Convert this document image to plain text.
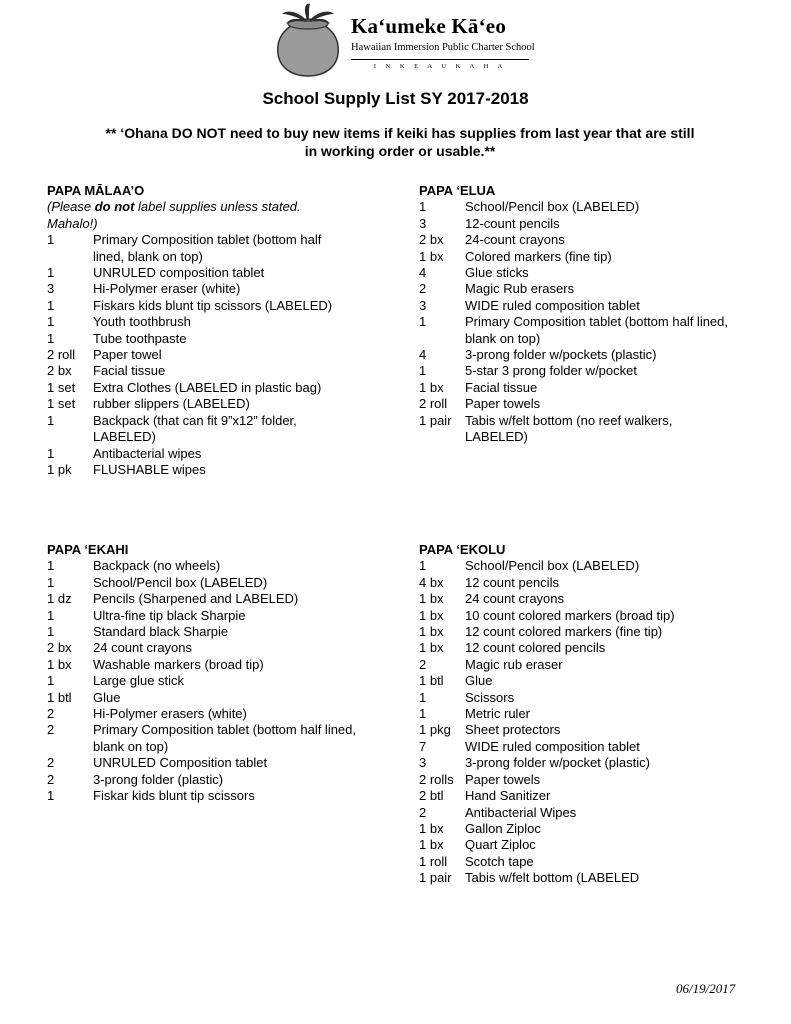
Kaʻumeke Kāʻeo
Hawaiian Immersion Public Charter School
I N K E A U K A H A
School Supply List SY 2017-2018
** ‘Ohana DO NOT need to buy new items if keiki has supplies from last year that are still in working order or usable.**
PAPA MĀLAA’O
(Please do not label supplies unless stated. Mahalo!)
1	Primary Composition tablet (bottom half lined, blank on top)
1	UNRULED composition tablet
3	Hi-Polymer eraser (white)
1	Fiskars kids blunt tip scissors (LABELED)
1	Youth toothbrush
1	Tube toothpaste
2 roll Paper towel
2 bx Facial tissue
1 set Extra Clothes (LABELED in plastic bag)
1 set rubber slippers (LABELED)
1	Backpack (that can fit 9”x12” folder, LABELED)
1	Antibacterial wipes
1 pk FLUSHABLE wipes
PAPA ‘ELUA
1	School/Pencil box (LABELED)
3	12-count pencils
2 bx 24-count crayons
1 bx Colored markers (fine tip)
4	Glue sticks
2	Magic Rub erasers
3	WIDE ruled composition tablet
1	Primary Composition tablet (bottom half lined, blank on top)
4	3-prong folder w/pockets (plastic)
1	5-star 3 prong folder w/pocket
1 bx Facial tissue
2 roll Paper towels
1 pair Tabis w/felt bottom (no reef walkers, LABELED)
PAPA ‘EKAHI
1	Backpack (no wheels)
1	School/Pencil box (LABELED)
1 dz Pencils (Sharpened and LABELED)
1	Ultra-fine tip black Sharpie
1	Standard black Sharpie
2 bx 24 count crayons
1 bx Washable markers (broad tip)
1	Large glue stick
1 btl Glue
2	Hi-Polymer erasers (white)
2	Primary Composition tablet (bottom half lined, blank on top)
2	UNRULED Composition tablet
2	3-prong folder (plastic)
1	Fiskar kids blunt tip scissors
PAPA ‘EKOLU
1	School/Pencil box (LABELED)
4 bx 12 count pencils
1 bx 24 count crayons
1 bx 10 count colored markers (broad tip)
1 bx 12 count colored markers (fine tip)
1 bx 12 count colored pencils
2	Magic rub eraser
1 btl Glue
1	Scissors
1	Metric ruler
1 pkg Sheet protectors
7	WIDE ruled composition tablet
3	3-prong folder w/pocket (plastic)
2 rolls Paper towels
2 btl Hand Sanitizer
2	Antibacterial Wipes
1 bx Gallon Ziploc
1 bx Quart Ziploc
1 roll Scotch tape
1 pair Tabis w/felt bottom (LABELED
06/19/2017
